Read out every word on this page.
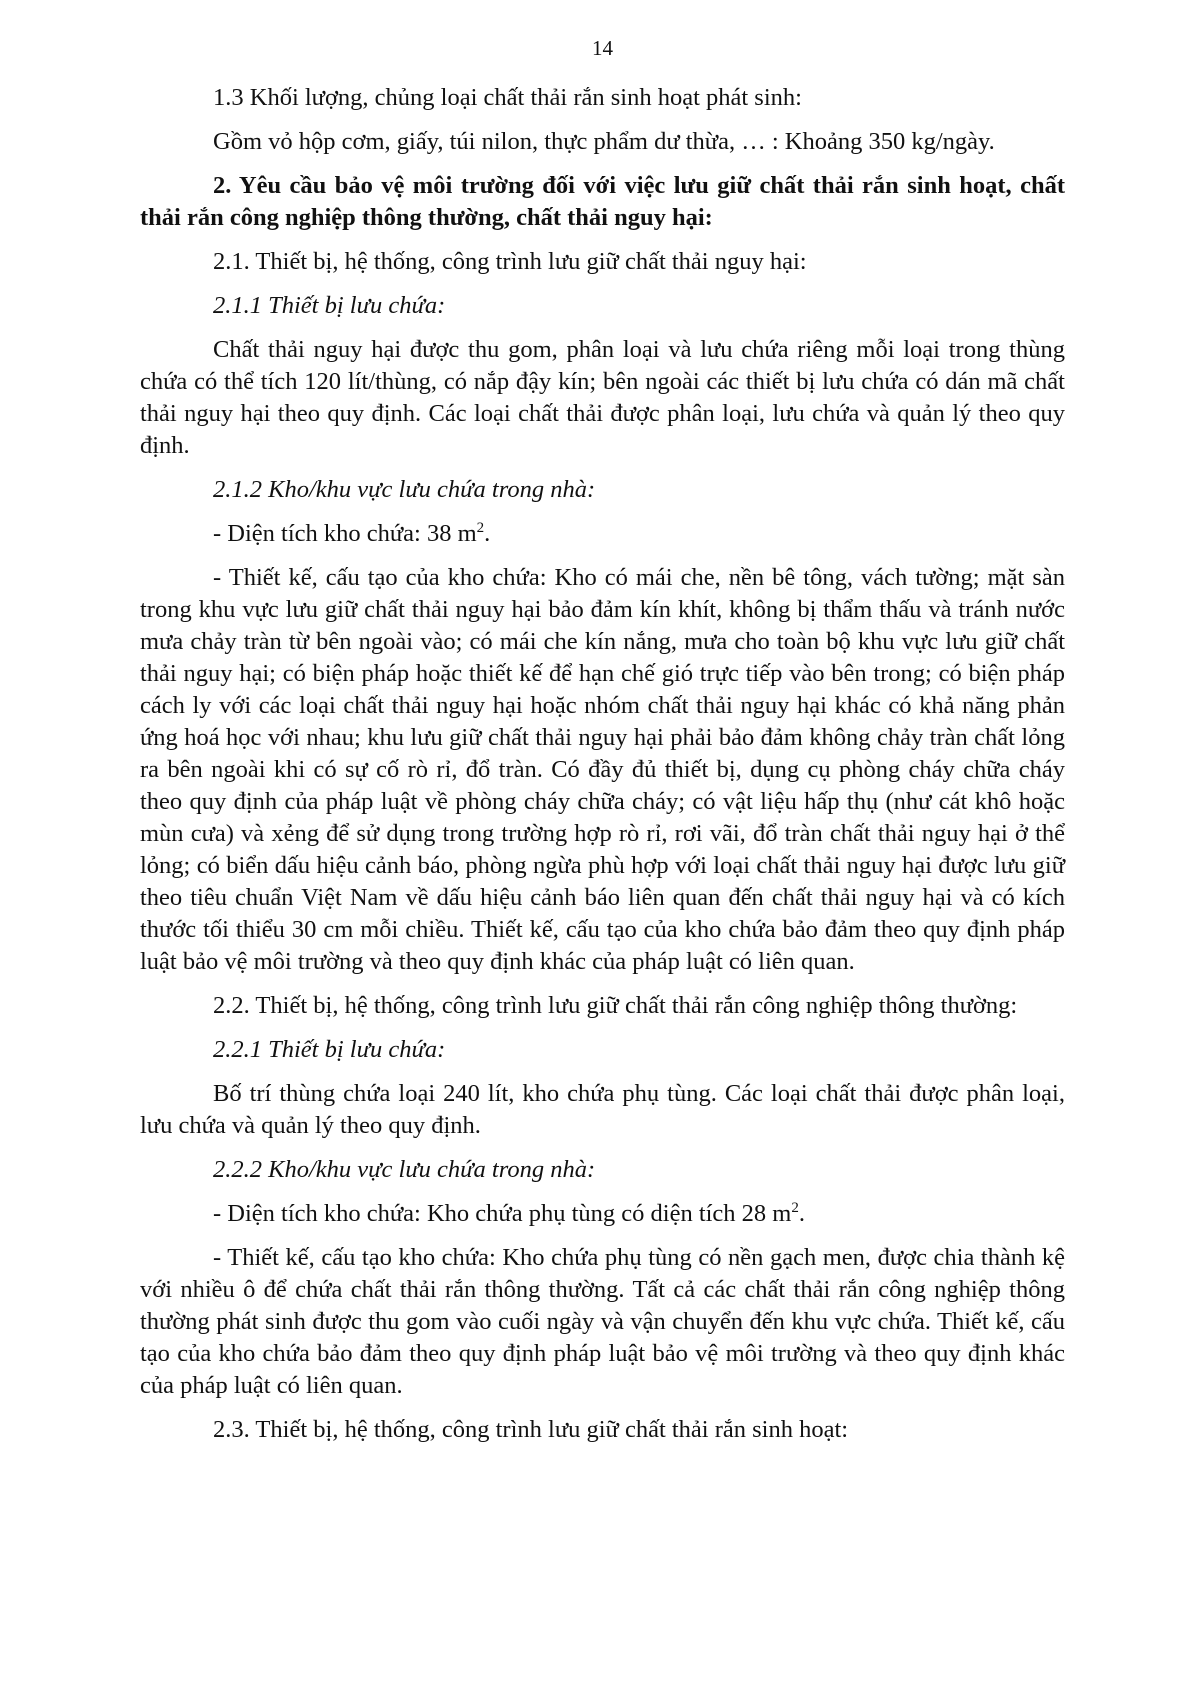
14

1.3 Khối lượng, chủng loại chất thải rắn sinh hoạt phát sinh:

Gồm vỏ hộp cơm, giấy, túi nilon, thực phẩm dư thừa, … : Khoảng 350 kg/ngày.

2. Yêu cầu bảo vệ môi trường đối với việc lưu giữ chất thải rắn sinh hoạt, chất thải rắn công nghiệp thông thường, chất thải nguy hại:

2.1. Thiết bị, hệ thống, công trình lưu giữ chất thải nguy hại:

2.1.1 Thiết bị lưu chứa:

Chất thải nguy hại được thu gom, phân loại và lưu chứa riêng mỗi loại trong thùng chứa có thể tích 120 lít/thùng, có nắp đậy kín; bên ngoài các thiết bị lưu chứa có dán mã chất thải nguy hại theo quy định. Các loại chất thải được phân loại, lưu chứa và quản lý theo quy định.

2.1.2 Kho/khu vực lưu chứa trong nhà:

- Diện tích kho chứa: 38 $m^2$.

- Thiết kế, cấu tạo của kho chứa: Kho có mái che, nền bê tông, vách tường; mặt sàn trong khu vực lưu giữ chất thải nguy hại bảo đảm kín khít, không bị thẩm thấu và tránh nước mưa chảy tràn từ bên ngoài vào; có mái che kín nắng, mưa cho toàn bộ khu vực lưu giữ chất thải nguy hại; có biện pháp hoặc thiết kế để hạn chế gió trực tiếp vào bên trong; có biện pháp cách ly với các loại chất thải nguy hại hoặc nhóm chất thải nguy hại khác có khả năng phản ứng hoá học với nhau; khu lưu giữ chất thải nguy hại phải bảo đảm không chảy tràn chất lỏng ra bên ngoài khi có sự cố rò rỉ, đổ tràn. Có đầy đủ thiết bị, dụng cụ phòng cháy chữa cháy theo quy định của pháp luật về phòng cháy chữa cháy; có vật liệu hấp thụ (như cát khô hoặc mùn cưa) và xẻng để sử dụng trong trường hợp rò rỉ, rơi vãi, đổ tràn chất thải nguy hại ở thể lỏng; có biển dấu hiệu cảnh báo, phòng ngừa phù hợp với loại chất thải nguy hại được lưu giữ theo tiêu chuẩn Việt Nam về dấu hiệu cảnh báo liên quan đến chất thải nguy hại và có kích thước tối thiểu 30 cm mỗi chiều. Thiết kế, cấu tạo của kho chứa bảo đảm theo quy định pháp luật bảo vệ môi trường và theo quy định khác của pháp luật có liên quan.

2.2. Thiết bị, hệ thống, công trình lưu giữ chất thải rắn công nghiệp thông thường:

2.2.1 Thiết bị lưu chứa:

Bố trí thùng chứa loại 240 lít, kho chứa phụ tùng. Các loại chất thải được phân loại, lưu chứa và quản lý theo quy định.

2.2.2 Kho/khu vực lưu chứa trong nhà:

- Diện tích kho chứa: Kho chứa phụ tùng có diện tích 28 $m^2$.

- Thiết kế, cấu tạo kho chứa: Kho chứa phụ tùng có nền gạch men, được chia thành kệ với nhiều ô để chứa chất thải rắn thông thường. Tất cả các chất thải rắn công nghiệp thông thường phát sinh được thu gom vào cuối ngày và vận chuyển đến khu vực chứa. Thiết kế, cấu tạo của kho chứa bảo đảm theo quy định pháp luật bảo vệ môi trường và theo quy định khác của pháp luật có liên quan.

2.3. Thiết bị, hệ thống, công trình lưu giữ chất thải rắn sinh hoạt:
